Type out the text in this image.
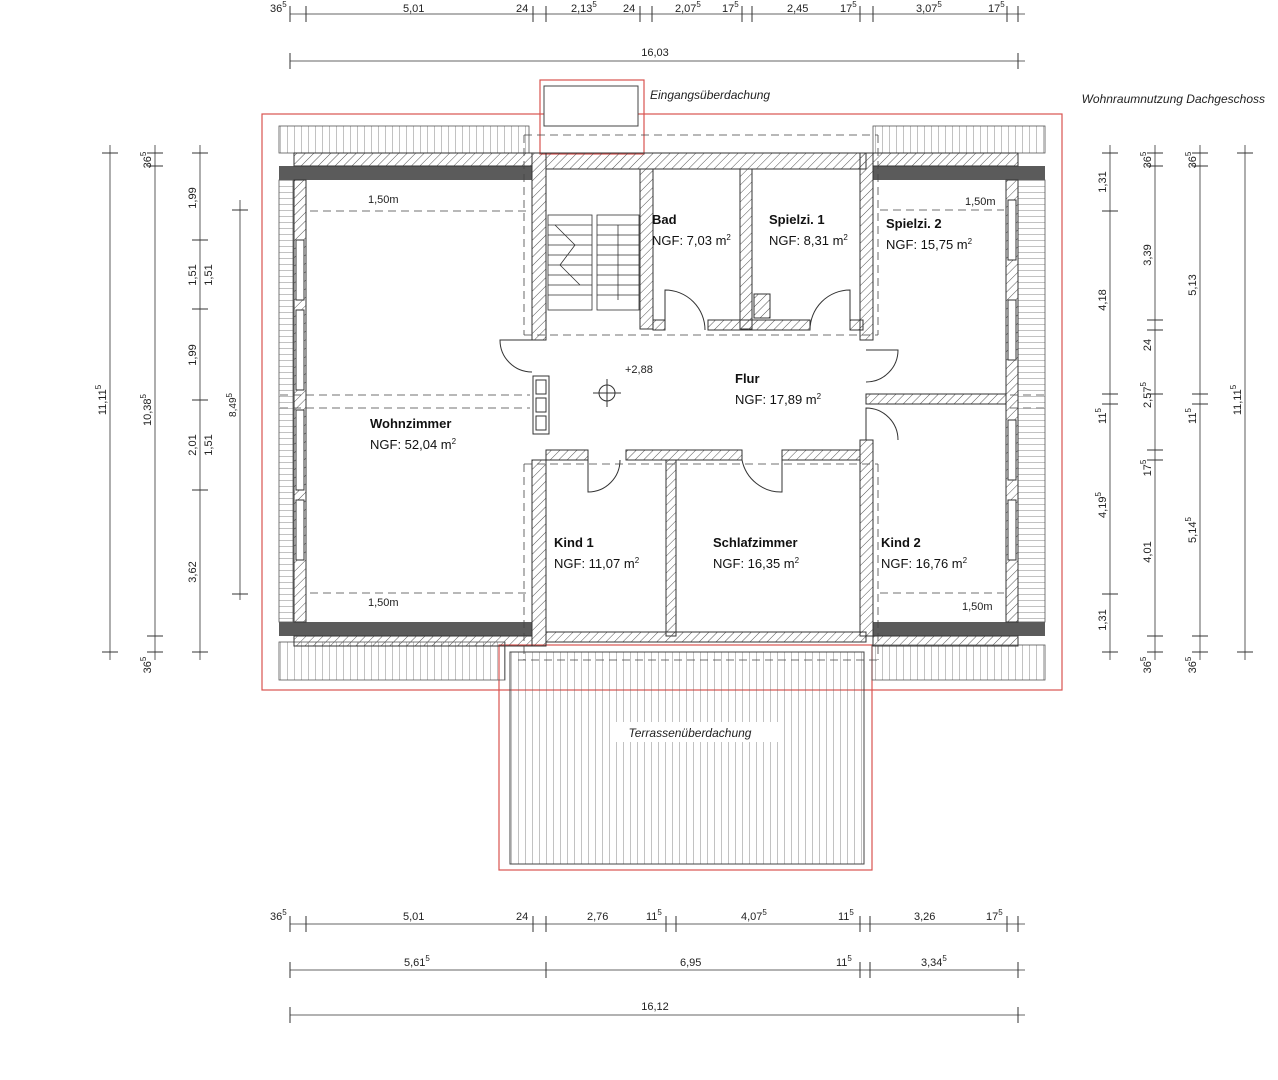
Wohnraumnutzung Dachgeschoss
Eingangsüberdachung
Terrassenüberdachung
1,50m
1,50m
1,50m
1,50m
+2,88
Wohnzimmer
NGF: 52,04 $m^2$
Bad
NGF: 7,03 $m^2$
Spielzi. 1
NGF: 8,31 $m^2$
Spielzi. 2
NGF: 15,75 $m^2$
Flur
NGF: 17,89 $m^2$
Kind 1
NGF: 11,07 $m^2$
Schlafzimmer
NGF: 16,35 $m^2$
Kind 2
NGF: 16,76 $m^2$
$36^5$	5,01	24	2,13$^5$ 24	2,07$^5$ $17^5$	2,45	$17^5$	3,07$^5$	$17^5$
16,03
$36^5$	5,01	24	2,76	$11^5$	4,07$^5$	$11^5$	3,26	$17^5$
5,61$^5$	6,95	$11^5$	3,34$^5$
16,12
11,11$^5$
10,38$^5$
8,49$^5$
$36^5$
$36^5$
1,99
1,51 1,51
1,99
2,01 1,51
3,62
1,31
$36^5$
$36^5$
3,39
4,18
24
5,13
2,57$^5$
$11^5$
$11^5$
$17^5$
4,19$^5$
4,01
5,14$^5$
1,31
$36^5$
$36^5$
11,11$^5$
